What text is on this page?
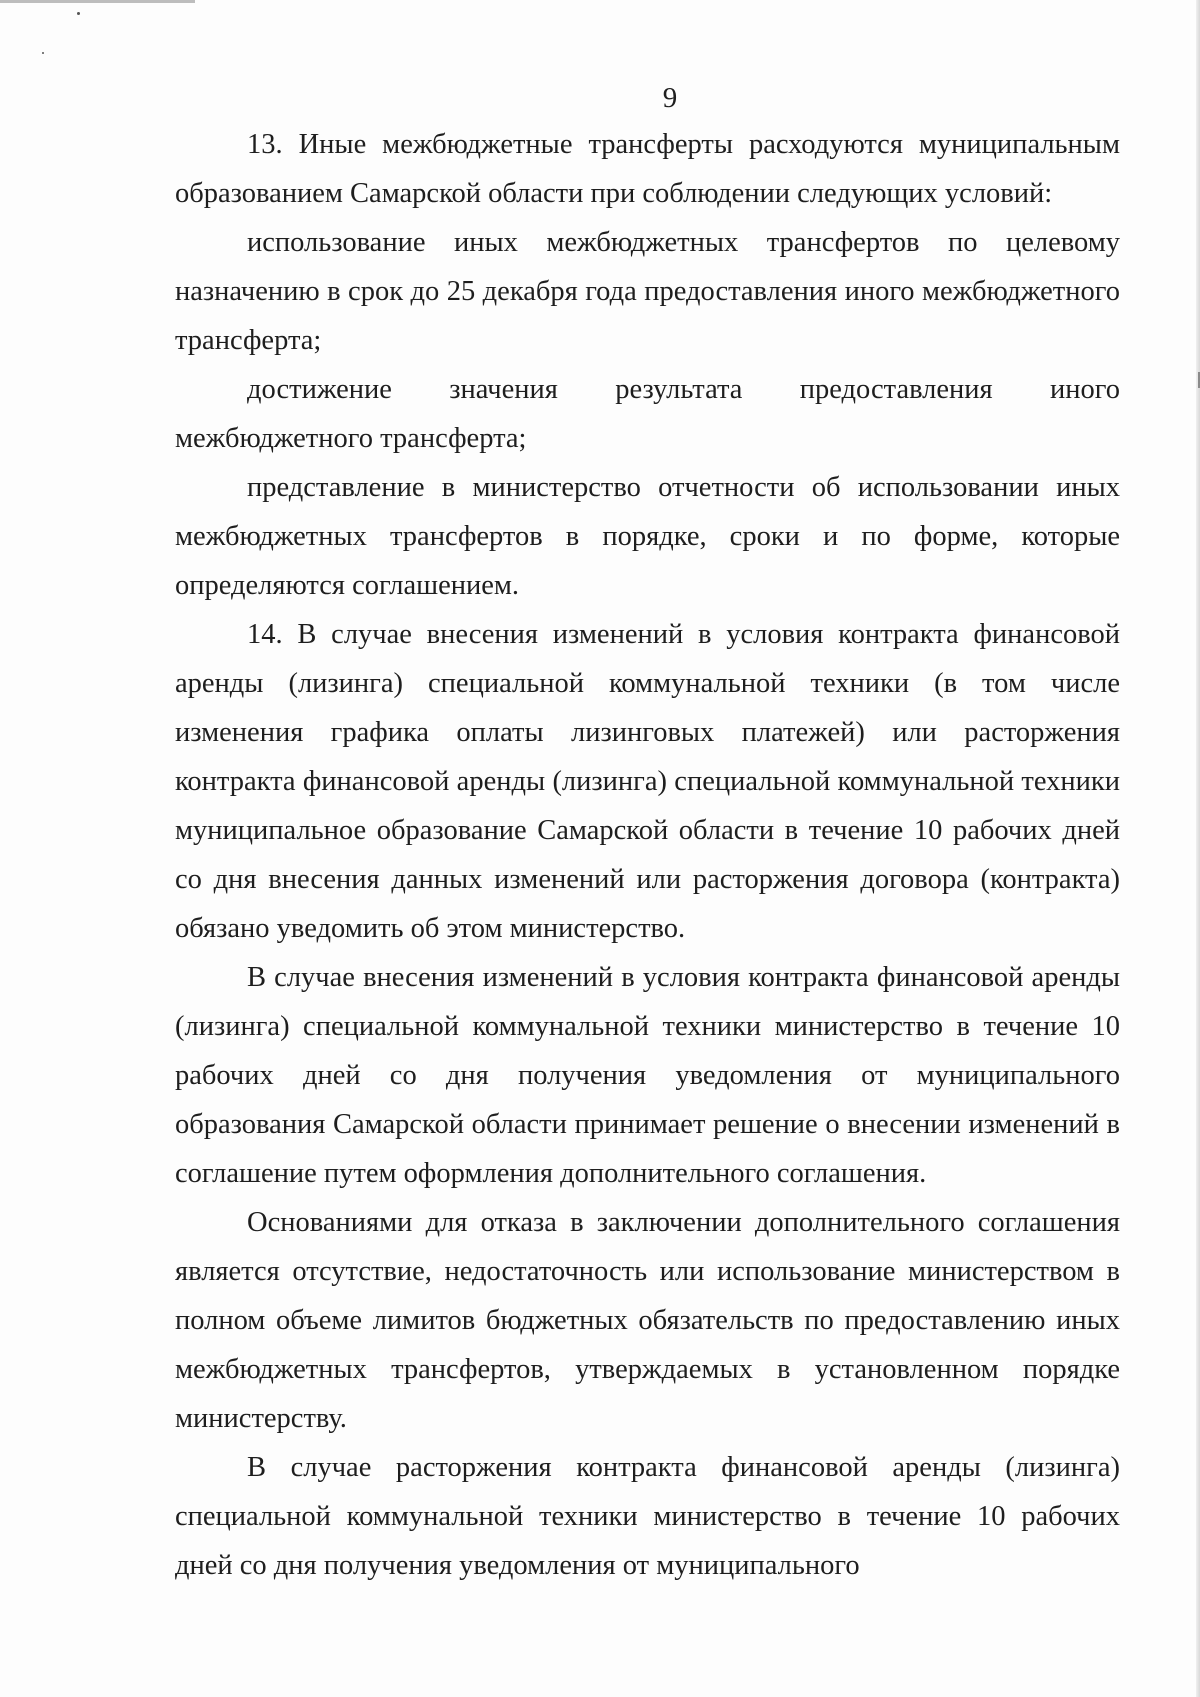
9

13. Иные межбюджетные трансферты расходуются муниципальным образованием Самарской области при соблюдении следующих условий:

использование иных межбюджетных трансфертов по целевому назначению в срок до 25 декабря года предоставления иного межбюджетного трансферта;

достижение значения результата предоставления иного межбюджетного трансферта;

представление в министерство отчетности об использовании иных межбюджетных трансфертов в порядке, сроки и по форме, которые определяются соглашением.

14. В случае внесения изменений в условия контракта финансовой аренды (лизинга) специальной коммунальной техники (в том числе изменения графика оплаты лизинговых платежей) или расторжения контракта финансовой аренды (лизинга) специальной коммунальной техники муниципальное образование Самарской области в течение 10 рабочих дней со дня внесения данных изменений или расторжения договора (контракта) обязано уведомить об этом министерство.

В случае внесения изменений в условия контракта финансовой аренды (лизинга) специальной коммунальной техники министерство в течение 10 рабочих дней со дня получения уведомления от муниципального образования Самарской области принимает решение о внесении изменений в соглашение путем оформления дополнительного соглашения.

Основаниями для отказа в заключении дополнительного соглашения является отсутствие, недостаточность или использование министерством в полном объеме лимитов бюджетных обязательств по предоставлению иных межбюджетных трансфертов, утверждаемых в установленном порядке министерству.

В случае расторжения контракта финансовой аренды (лизинга) специальной коммунальной техники министерство в течение 10 рабочих дней со дня получения уведомления от муниципального
